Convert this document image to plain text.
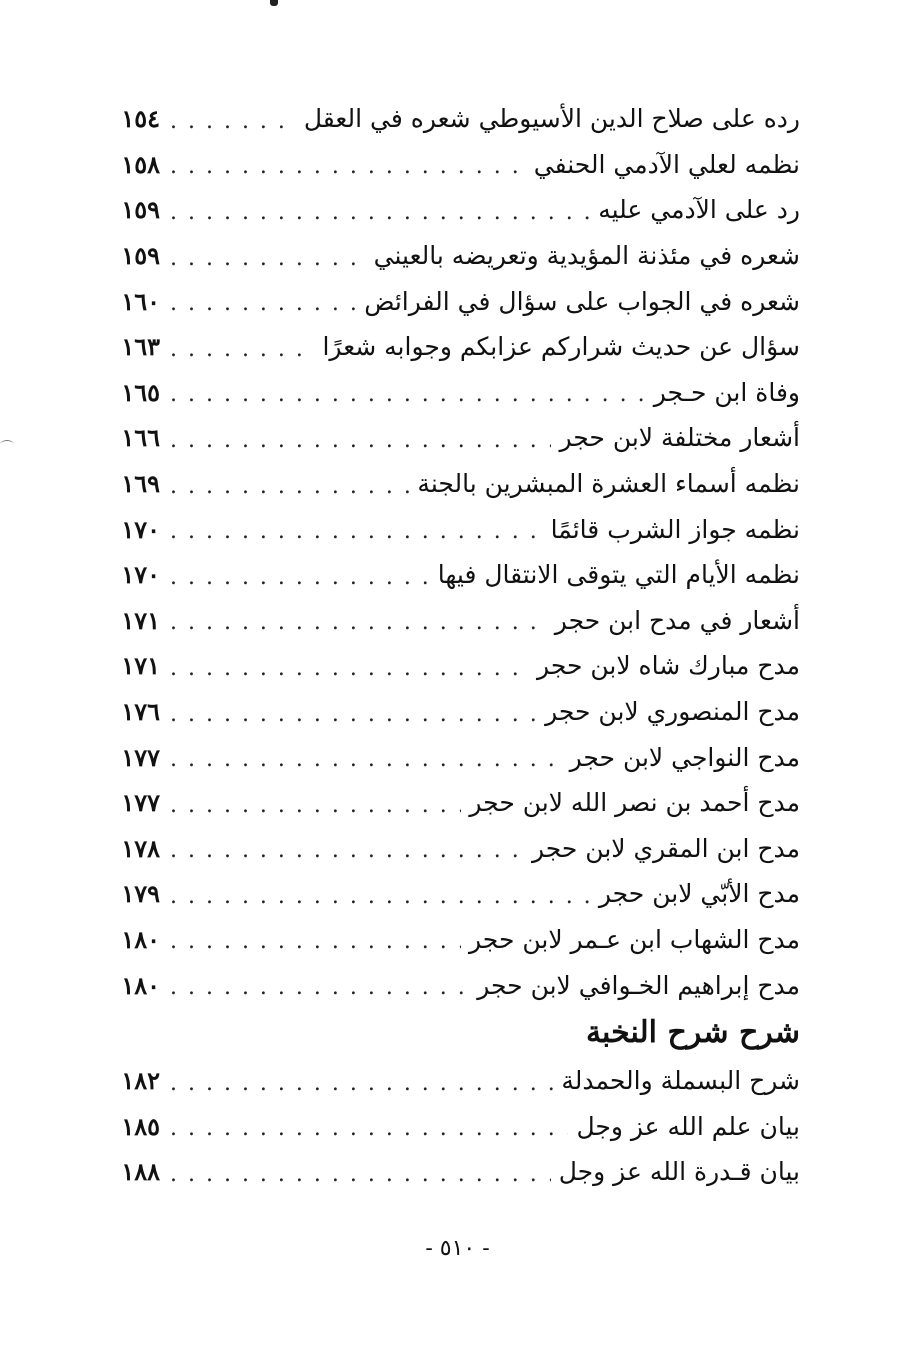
رده على صلاح الدين الأسيوطي شعره في العقل
. . .
١٥٤
نظمه لعلي الآدمي الحنفي
. . .
١٥٨
رد على الآدمي عليه
. . .
١٥٩
شعره في مئذنة المؤيدية وتعريضه بالعيني
. . .
١٥٩
شعره في الجواب على سؤال في الفرائض
. . .
١٦٠
سؤال عن حديث شراركم عزابكم وجوابه شعرًا
. . .
١٦٣
وفاة ابن حـجر
. . .
١٦٥
أشعار مختلفة لابن حجر
. . .
١٦٦
نظمه أسماء العشرة المبشرين بالجنة
. . .
١٦٩
نظمه جواز الشرب قائمًا
. . .
١٧٠
نظمه الأيام التي يتوقى الانتقال فيها
. . .
١٧٠
أشعار في مدح ابن حجر
. . .
١٧١
مدح مبارك شاه لابن حجر
. . .
١٧١
مدح المنصوري لابن حجر
. . .
١٧٦
مدح النواجي لابن حجر
. . .
١٧٧
مدح أحمد بن نصر الله لابن حجر
. . .
١٧٧
مدح ابن المقري لابن حجر
. . .
١٧٨
مدح الأبّي لابن حجر
. . .
١٧٩
مدح الشهاب ابن عـمر لابن حجر
. . .
١٨٠
مدح إبراهيم الخـوافي لابن حجر
. . .
١٨٠
شرح شرح النخبة
شرح البسملة والحمدلة
. . .
١٨٢
بيان علم الله عز وجل
. . .
١٨٥
بيان قـدرة الله عز وجل
. . .
١٨٨
- ٥١٠ -
